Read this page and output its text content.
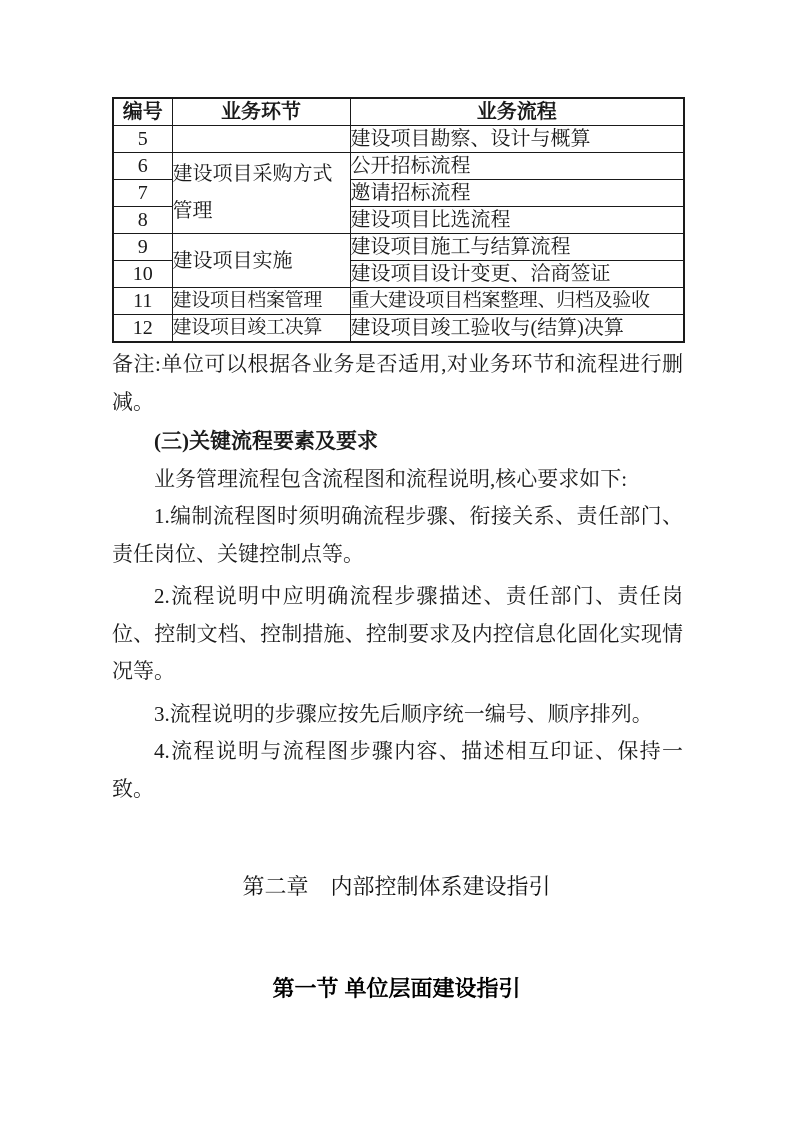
编号	业务环节	业务流程
5		建设项目勘察、设计与概算
6	建设项目采购方式管理	公开招标流程
7		邀请招标流程
8		建设项目比选流程
9	建设项目实施	建设项目施工与结算流程
10		建设项目设计变更、洽商签证
11	建设项目档案管理	重大建设项目档案整理、归档及验收
12	建设项目竣工决算	建设项目竣工验收与(结算)决算

备注:单位可以根据各业务是否适用,对业务环节和流程进行删减。

(三)关键流程要素及要求

业务管理流程包含流程图和流程说明,核心要求如下:

1.编制流程图时须明确流程步骤、衔接关系、责任部门、责任岗位、关键控制点等。

2.流程说明中应明确流程步骤描述、责任部门、责任岗位、控制文档、控制措施、控制要求及内控信息化固化实现情况等。

3.流程说明的步骤应按先后顺序统一编号、顺序排列。

4.流程说明与流程图步骤内容、描述相互印证、保持一致。

第二章　内部控制体系建设指引
第一节 单位层面建设指引
